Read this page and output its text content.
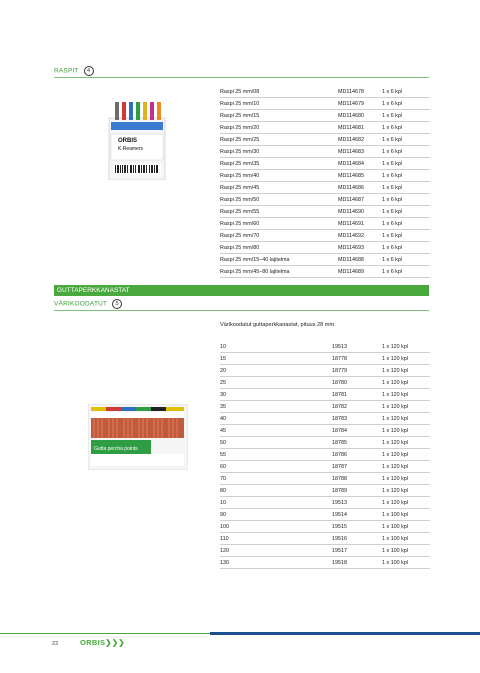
RASPIT 4
ORBIS
K Reamers
Raspi 25 mm/08	MD114678	1 x 6 kpl
Raspi 25 mm/10	MD114679	1 x 6 kpl
Raspi 25 mm/15	MD114680	1 x 6 kpl
Raspi 25 mm/20	MD114681	1 x 6 kpl
Raspi 25 mm/25	MD114682	1 x 6 kpl
Raspi 25 mm/30	MD114683	1 x 6 kpl
Raspi 25 mm/35	MD114684	1 x 6 kpl
Raspi 25 mm/40	MD114685	1 x 6 kpl
Raspi 25 mm/45	MD114686	1 x 6 kpl
Raspi 25 mm/50	MD114687	1 x 6 kpl
Raspi 25 mm/55	MD114690	1 x 6 kpl
Raspi 25 mm/60	MD114691	1 x 6 kpl
Raspi 25 mm/70	MD114692	1 x 6 kpl
Raspi 25 mm/80	MD114693	1 x 6 kpl
Raspi 25 mm/15–40 lajitelma	MD114688	1 x 6 kpl
Raspi 25 mm/45–80 lajitelma	MD114689	1 x 6 kpl
GUTTAPERKKANASTAT
VÄRIKOODATUT 5
Värikoodatut guttaperkkanastat, pituus 28 mm.
Gutta percha points
10	19513	1 x 120 kpl
15	18778	1 x 120 kpl
20	18779	1 x 120 kpl
25	18780	1 x 120 kpl
30	18781	1 x 120 kpl
35	18782	1 x 120 kpl
40	18783	1 x 120 kpl
45	18784	1 x 120 kpl
50	18785	1 x 120 kpl
55	18786	1 x 120 kpl
60	18787	1 x 120 kpl
70	18788	1 x 120 kpl
80	18789	1 x 120 kpl
10	19513	1 x 120 kpl
90	19514	1 x 100 kpl
100	19515	1 x 100 kpl
110	19516	1 x 100 kpl
120	19517	1 x 100 kpl
130	19518	1 x 100 kpl
22	ORBIS❯❯❯
